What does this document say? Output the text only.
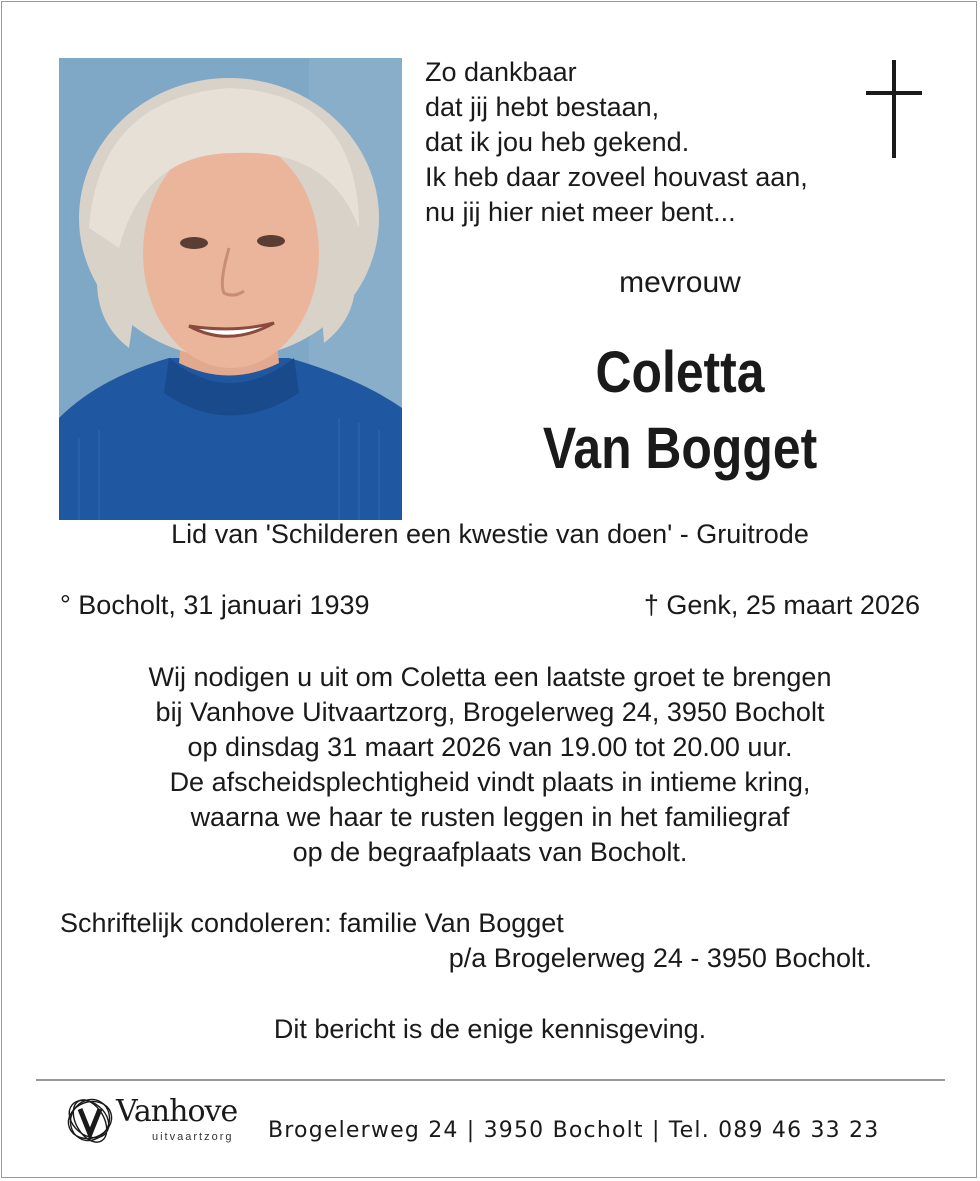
Zo dankbaar
dat jij hebt bestaan,
dat ik jou heb gekend.
Ik heb daar zoveel houvast aan,
nu jij hier niet meer bent...
mevrouw
Coletta
Van Bogget
Lid van 'Schilderen een kwestie van doen' - Gruitrode
° Bocholt, 31 januari 1939	† Genk, 25 maart 2026
Wij nodigen u uit om Coletta een laatste groet te brengen
bij Vanhove Uitvaartzorg, Brogelerweg 24, 3950 Bocholt
op dinsdag 31 maart 2026 van 19.00 tot 20.00 uur.
De afscheidsplechtigheid vindt plaats in intieme kring,
waarna we haar te rusten leggen in het familiegraf
op de begraafplaats van Bocholt.
Schriftelijk condoleren: familie Van Bogget
p/a Brogelerweg 24 - 3950 Bocholt.
Dit bericht is de enige kennisgeving.
Vanhove
uitvaartzorg Brogelerweg 24 | 3950 Bocholt | Tel. 089 46 33 23
